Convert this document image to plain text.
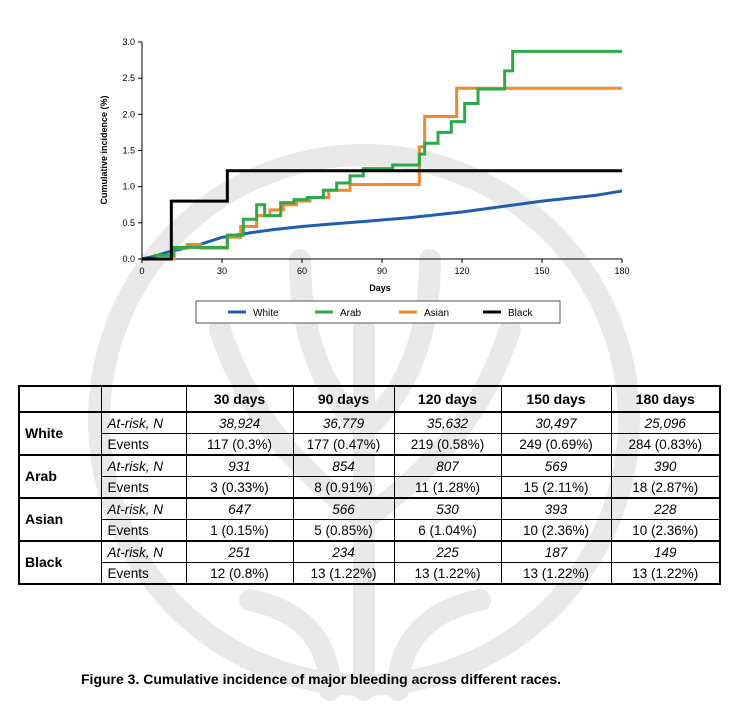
0.0
0.5
1.0
1.5
2.0
2.5
3.0
0	30	60	90	120	150	180
Cumulative incidence (%)
Days
White	Arab	Asian	Black
		30 days	90 days	120 days	150 days	180 days
White	At-risk, N	38,924	36,779	35,632	30,497	25,096
	Events	117 (0.3%)	177 (0.47%)	219 (0.58%)	249 (0.69%)	284 (0.83%)
Arab	At-risk, N	931	854	807	569	390
	Events	3 (0.33%)	8 (0.91%)	11 (1.28%)	15 (2.11%)	18 (2.87%)
Asian	At-risk, N	647	566	530	393	228
	Events	1 (0.15%)	5 (0.85%)	6 (1.04%)	10 (2.36%)	10 (2.36%)
Black	At-risk, N	251	234	225	187	149
	Events	12 (0.8%)	13 (1.22%)	13 (1.22%)	13 (1.22%)	13 (1.22%)
Figure 3. Cumulative incidence of major bleeding across different races.
